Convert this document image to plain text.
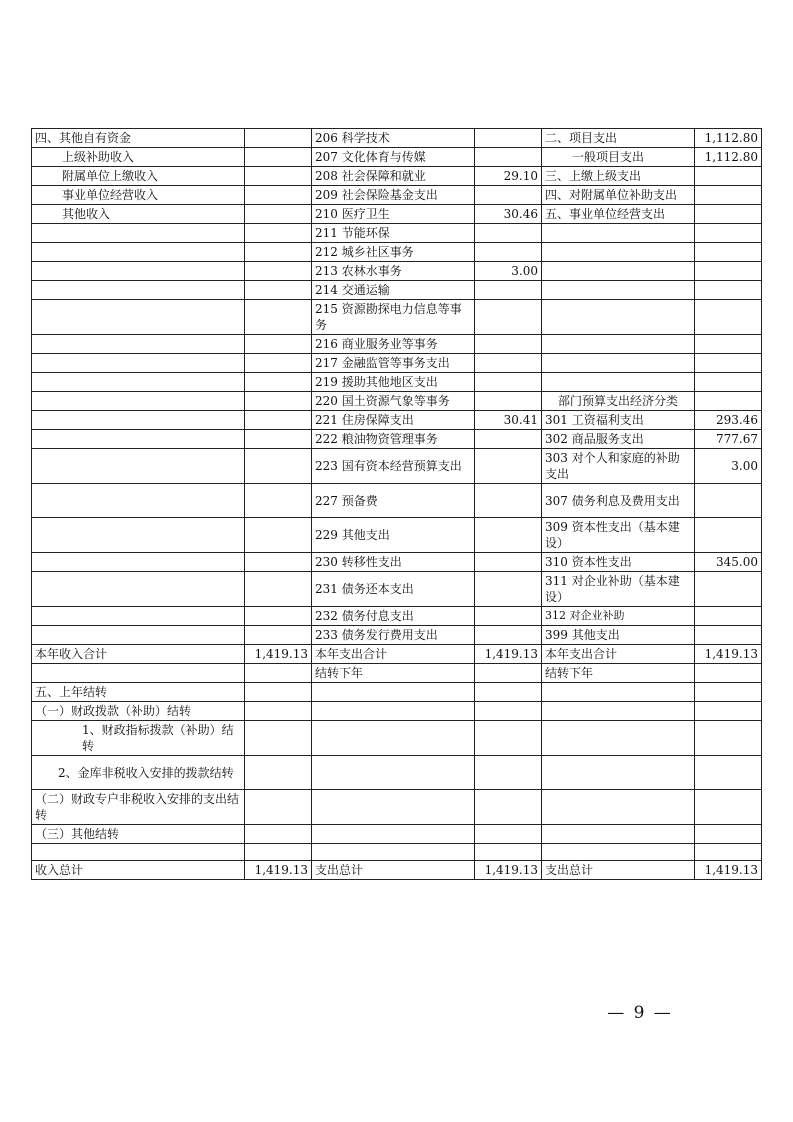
四、其他自有资金		206 科学技术		二、项目支出	1,112.80
上级补助收入		207 文化体育与传媒		一般项目支出	1,112.80
附属单位上缴收入		208 社会保障和就业	29.10	三、上缴上级支出	
事业单位经营收入		209 社会保险基金支出		四、对附属单位补助支出	
其他收入		210 医疗卫生	30.46	五、事业单位经营支出	
		211 节能环保			
		212 城乡社区事务			
		213 农林水事务	3.00		
		214 交通运输			
		215 资源勘探电力信息等事务			
		216 商业服务业等事务			
		217 金融监管等事务支出			
		219 援助其他地区支出			
		220 国土资源气象等事务		部门预算支出经济分类	
		221 住房保障支出	30.41	301 工资福利支出	293.46
		222 粮油物资管理事务		302 商品服务支出	777.67
		223 国有资本经营预算支出		303 对个人和家庭的补助支出	3.00
		227 预备费		307 债务利息及费用支出	
		229 其他支出		309 资本性支出（基本建设）	
		230 转移性支出		310 资本性支出	345.00
		231 债务还本支出		311 对企业补助（基本建设）	
		232 债务付息支出		312 对企业补助	
		233 债务发行费用支出		399 其他支出	
本年收入合计	1,419.13	本年支出合计	1,419.13	本年支出合计	1,419.13
		结转下年		结转下年	
五、上年结转					
（一）财政拨款（补助）结转					
1、财政指标拨款（补助）结转					
2、金库非税收入安排的拨款结转					
（二）财政专户非税收入安排的支出结转					
（三）其他结转					

收入总计	1,419.13	支出总计	1,419.13	支出总计	1,419.13
— 9 —
